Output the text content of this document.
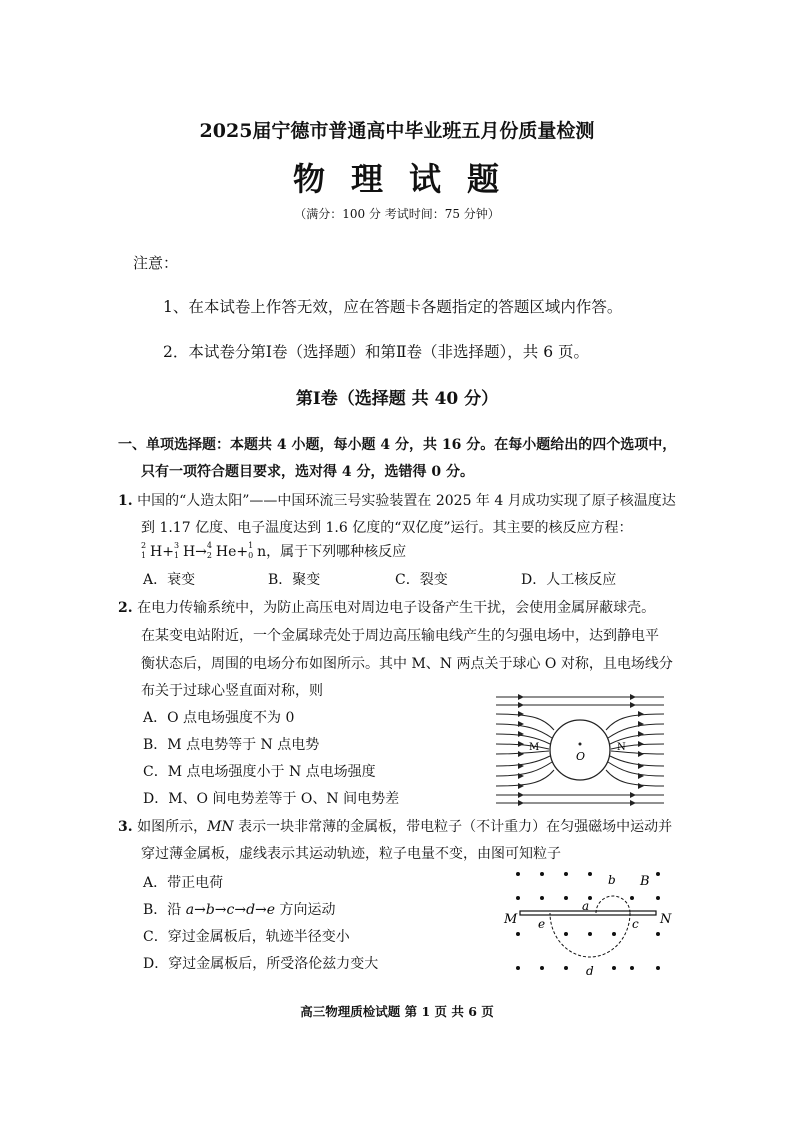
2025届宁德市普通高中毕业班五月份质量检测
物 理 试 题
（满分：100 分 考试时间：75 分钟）
注意：
1、在本试卷上作答无效，应在答题卡各题指定的答题区域内作答。
2．本试卷分第Ⅰ卷（选择题）和第Ⅱ卷（非选择题），共 6 页。
第Ⅰ卷（选择题 共 40 分）
一、单项选择题：本题共 4 小题，每小题 4 分，共 16 分。在每小题给出的四个选项中，
只有一项符合题目要求，选对得 4 分，选错得 0 分。
1. 中国的“人造太阳”——中国环流三号实验装置在 2025 年 4 月成功实现了原子核温度达
到 1.17 亿度、电子温度达到 1.6 亿度的“双亿度”运行。其主要的核反应方程：
2
1 H+ 3
1 H→ 4
2 He+ 1
0 n，属于下列哪种核反应
A．衰变	B．聚变	C．裂变	D．人工核反应
2. 在电力传输系统中，为防止高压电对周边电子设备产生干扰，会使用金属屏蔽球壳。
在某变电站附近，一个金属球壳处于周边高压输电线产生的匀强电场中，达到静电平
衡状态后，周围的电场分布如图所示。其中 M、N 两点关于球心 O 对称，且电场线分
布关于过球心竖直面对称，则
A．O 点电场强度不为 0
B．M 点电势等于 N 点电势
C．M 点电场强度小于 N 点电场强度
D．M、O 间电势差等于 O、N 间电势差
M
O
N
3. 如图所示，MN 表示一块非常薄的金属板，带电粒子（不计重力）在匀强磁场中运动并
穿过薄金属板，虚线表示其运动轨迹，粒子电量不变，由图可知粒子
A．带正电荷
B．沿 a→b→c→d→e 方向运动
C．穿过金属板后，轨迹半径变小
D．穿过金属板后，所受洛伦兹力变大
M	N
B
a
b
c
d
e
高三物理质检试题 第 1 页 共 6 页
